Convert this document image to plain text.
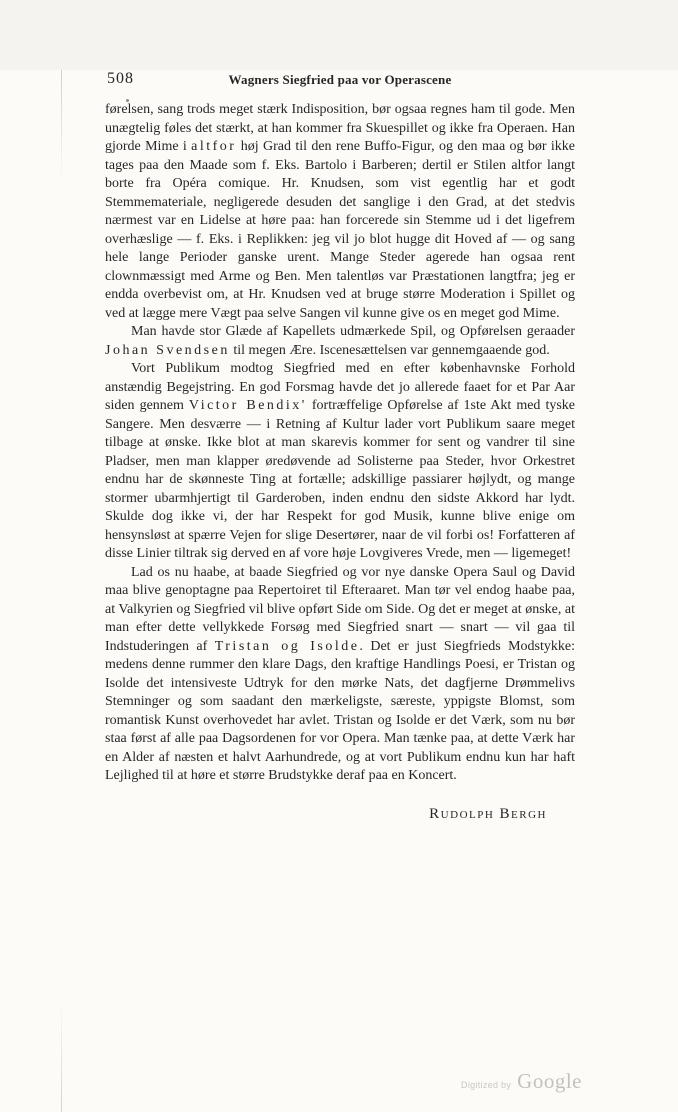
508	Wagners Siegfried paa vor Operascene

førelsen, sang trods meget stærk Indisposition, bør ogsaa regnes ham til gode. Men unægtelig føles det stærkt, at han kommer fra Skuespillet og ikke fra Operaen. Han gjorde Mime i altfor høj Grad til den rene Buffo-Figur, og den maa og bør ikke tages paa den Maade som f. Eks. Bartolo i Barberen; dertil er Stilen altfor langt borte fra Opéra comique. Hr. Knudsen, som vist egentlig har et godt Stemmemateriale, negligerede desuden det sanglige i den Grad, at det stedvis nærmest var en Lidelse at høre paa: han forcerede sin Stemme ud i det ligefrem overhæslige — f. Eks. i Replikken: jeg vil jo blot hugge dit Hoved af — og sang hele lange Perioder ganske urent. Mange Steder agerede han ogsaa rent clownmæssigt med Arme og Ben. Men talentløs var Præstationen langtfra; jeg er endda overbevist om, at Hr. Knudsen ved at bruge større Moderation i Spillet og ved at lægge mere Vægt paa selve Sangen vil kunne give os en meget god Mime.

Man havde stor Glæde af Kapellets udmærkede Spil, og Opførelsen geraader Johan Svendsen til megen Ære. Iscenesættelsen var gennemgaaende god.

Vort Publikum modtog Siegfried med en efter københavnske Forhold anstændig Begejstring. En god Forsmag havde det jo allerede faaet for et Par Aar siden gennem Victor Bendix' fortræffelige Opførelse af 1ste Akt med tyske Sangere. Men desværre — i Retning af Kultur lader vort Publikum saare meget tilbage at ønske. Ikke blot at man skarevis kommer for sent og vandrer til sine Pladser, men man klapper øredøvende ad Solisterne paa Steder, hvor Orkestret endnu har de skønneste Ting at fortælle; adskillige passiarer højlydt, og mange stormer ubarmhjertigt til Garderoben, inden endnu den sidste Akkord har lydt. Skulde dog ikke vi, der har Respekt for god Musik, kunne blive enige om hensynsløst at spærre Vejen for slige Desertører, naar de vil forbi os! Forfatteren af disse Linier tiltrak sig derved en af vore høje Lovgiveres Vrede, men — ligemeget!

Lad os nu haabe, at baade Siegfried og vor nye danske Opera Saul og David maa blive genoptagne paa Repertoiret til Efteraaret. Man tør vel endog haabe paa, at Valkyrien og Siegfried vil blive opført Side om Side. Og det er meget at ønske, at man efter dette vellykkede Forsøg med Siegfried snart — snart — vil gaa til Indstuderingen af Tristan og Isolde. Det er just Siegfrieds Modstykke: medens denne rummer den klare Dags, den kraftige Handlings Poesi, er Tristan og Isolde det intensiveste Udtryk for den mørke Nats, det dagfjerne Drømmelivs Stemninger og som saadant den mærkeligste, særeste, yppigste Blomst, som romantisk Kunst overhovedet har avlet. Tristan og Isolde er det Værk, som nu bør staa først af alle paa Dagsordenen for vor Opera. Man tænke paa, at dette Værk har en Alder af næsten et halvt Aarhundrede, og at vort Publikum endnu kun har haft Lejlighed til at høre et større Brudstykke deraf paa en Koncert.

Rudolph Bergh
Digitized by Google
